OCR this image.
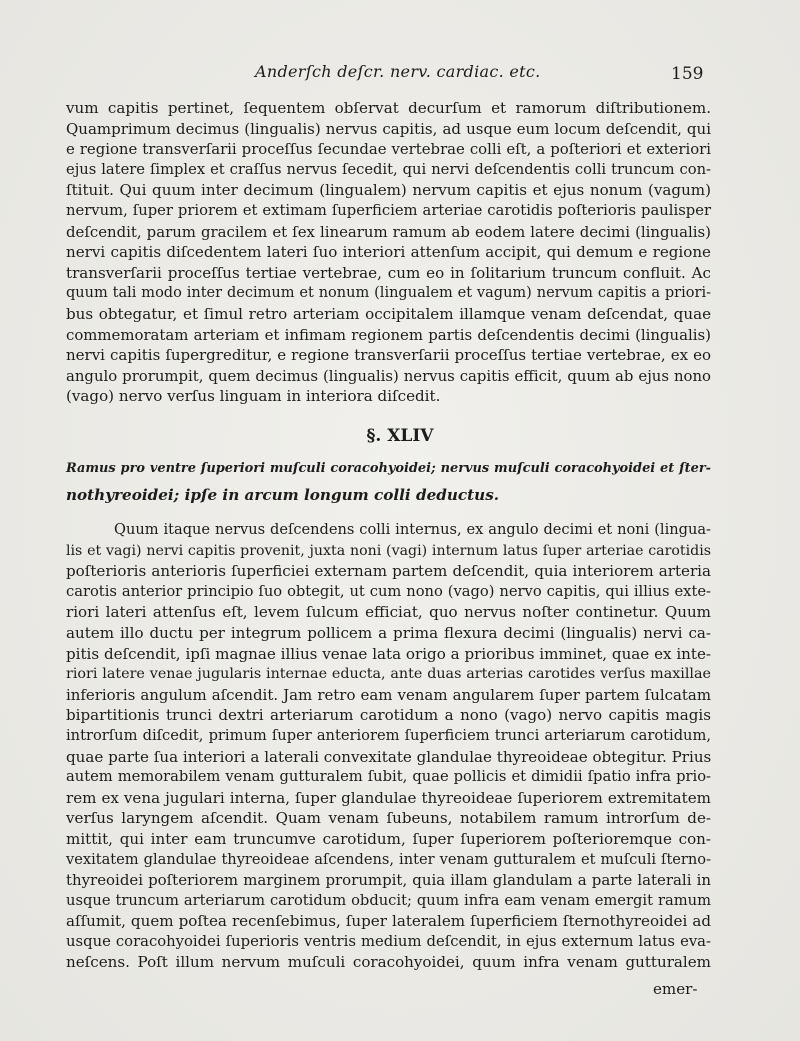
Anderſch deſcr. nerv. cardiac. etc.	159
vum capitis pertinet, ſequentem obſervat decurſum et ramorum diſtributionem.
Quamprimum decimus (lingualis) nervus capitis, ad usque eum locum deſcendit, qui
e regione transverſarii proceſſus ſecundae vertebrae colli eſt, a poſteriori et exteriori
ejus latere ſimplex et craſſus nervus ſecedit, qui nervi deſcendentis colli truncum con-
ſtituit. Qui quum inter decimum (lingualem) nervum capitis et ejus nonum (vagum)
nervum, ſuper priorem et extimam ſuperficiem arteriae carotidis poſterioris paulisper
deſcendit, parum gracilem et ſex linearum ramum ab eodem latere decimi (lingualis)
nervi capitis diſcedentem lateri ſuo interiori attenſum accipit, qui demum e regione
transverſarii proceſſus tertiae vertebrae, cum eo in ſolitarium truncum confluit. Ac
quum tali modo inter decimum et nonum (lingualem et vagum) nervum capitis a priori-
bus obtegatur, et ſimul retro arteriam occipitalem illamque venam deſcendat, quae
commemoratam arteriam et infimam regionem partis deſcendentis decimi (lingualis)
nervi capitis ſupergreditur, e regione transverſarii proceſſus tertiae vertebrae, ex eo
angulo prorumpit, quem decimus (lingualis) nervus capitis efficit, quum ab ejus nono
(vago) nervo verſus linguam in interiora diſcedit.
§. XLIV
Ramus pro ventre ſuperiori muſculi coracohyoidei; nervus muſculi coracohyoidei et ſter-
nothyreoidei; ipſe in arcum longum colli deductus.
Quum itaque nervus deſcendens colli internus, ex angulo decimi et noni (lingua-
lis et vagi) nervi capitis provenit, juxta noni (vagi) internum latus ſuper arteriae carotidis
poſterioris anterioris ſuperficiei externam partem deſcendit, quia interiorem arteria
carotis anterior principio ſuo obtegit, ut cum nono (vago) nervo capitis, qui illius exte-
riori lateri attenſus eſt, levem ſulcum efficiat, quo nervus noſter continetur. Quum
autem illo ductu per integrum pollicem a prima flexura decimi (lingualis) nervi ca-
pitis deſcendit, ipſi magnae illius venae lata origo a prioribus imminet, quae ex inte-
riori latere venae jugularis internae educta, ante duas arterias carotides verſus maxillae
inferioris angulum aſcendit. Jam retro eam venam angularem ſuper partem ſulcatam
bipartitionis trunci dextri arteriarum carotidum a nono (vago) nervo capitis magis
introrſum diſcedit, primum ſuper anteriorem ſuperficiem trunci arteriarum carotidum,
quae parte ſua interiori a laterali convexitate glandulae thyreoideae obtegitur. Prius
autem memorabilem venam gutturalem ſubit, quae pollicis et dimidii ſpatio infra prio-
rem ex vena jugulari interna, ſuper glandulae thyreoideae ſuperiorem extremitatem
verſus laryngem aſcendit. Quam venam ſubeuns, notabilem ramum introrſum de-
mittit, qui inter eam truncumve carotidum, ſuper ſuperiorem poſterioremque con-
vexitatem glandulae thyreoideae aſcendens, inter venam gutturalem et muſculi ſterno-
thyreoidei poſteriorem marginem prorumpit, quia illam glandulam a parte laterali in
usque truncum arteriarum carotidum obducit; quum infra eam venam emergit ramum
aſſumit, quem poſtea recenſebimus, ſuper lateralem ſuperficiem ſternothyreoidei ad
usque coracohyoidei ſuperioris ventris medium deſcendit, in ejus externum latus eva-
neſcens. Poſt illum nervum muſculi coracohyoidei, quum infra venam gutturalem
emer-
